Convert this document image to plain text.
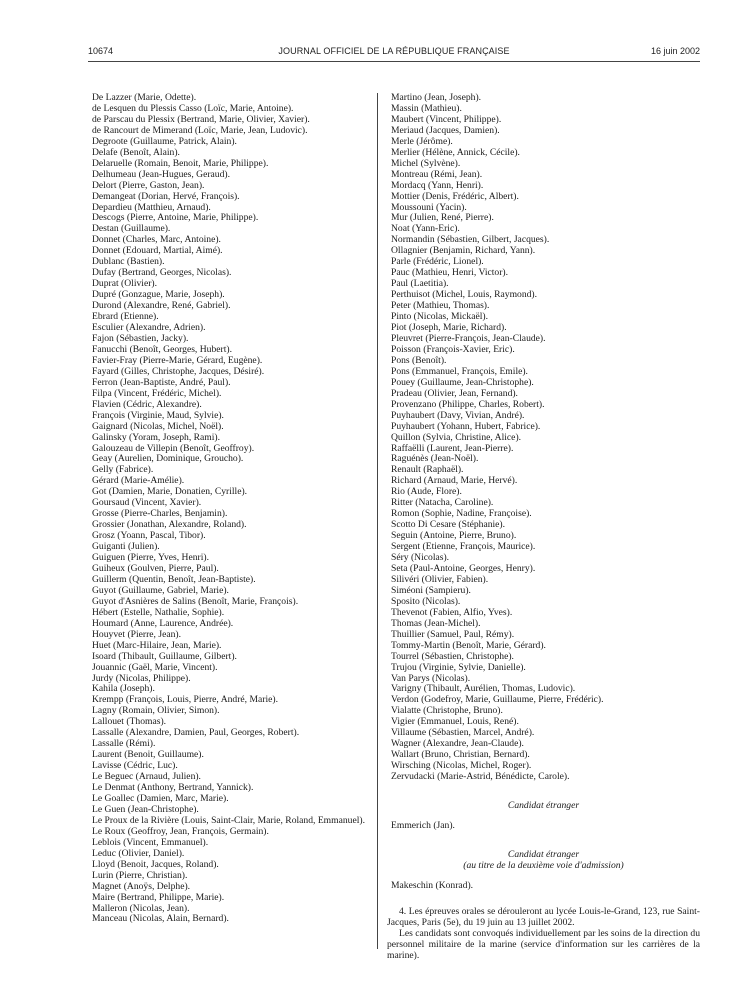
10674	JOURNAL OFFICIEL DE LA RÉPUBLIQUE FRANÇAISE	16 juin 2002
De Lazzer (Marie, Odette).
de Lesquen du Plessis Casso (Loïc, Marie, Antoine).
de Parscau du Plessix (Bertrand, Marie, Olivier, Xavier).
de Rancourt de Mimerand (Loïc, Marie, Jean, Ludovic).
Degroote (Guillaume, Patrick, Alain).
Delafe (Benoît, Alain).
Delaruelle (Romain, Benoit, Marie, Philippe).
Delhumeau (Jean-Hugues, Geraud).
Delort (Pierre, Gaston, Jean).
Demangeat (Dorian, Hervé, François).
Depardieu (Matthieu, Arnaud).
Descogs (Pierre, Antoine, Marie, Philippe).
Destan (Guillaume).
Donnet (Charles, Marc, Antoine).
Donnet (Edouard, Martial, Aimé).
Dublanc (Bastien).
Dufay (Bertrand, Georges, Nicolas).
Duprat (Olivier).
Dupré (Gonzague, Marie, Joseph).
Durond (Alexandre, René, Gabriel).
Ebrard (Etienne).
Esculier (Alexandre, Adrien).
Fajon (Sébastien, Jacky).
Fanucchi (Benoît, Georges, Hubert).
Favier-Fray (Pierre-Marie, Gérard, Eugène).
Fayard (Gilles, Christophe, Jacques, Désiré).
Ferron (Jean-Baptiste, André, Paul).
Filpa (Vincent, Frédéric, Michel).
Flavien (Cédric, Alexandre).
François (Virginie, Maud, Sylvie).
Gaignard (Nicolas, Michel, Noël).
Galinsky (Yoram, Joseph, Rami).
Galouzeau de Villepin (Benoît, Geoffroy).
Geay (Aurelien, Dominique, Groucho).
Gelly (Fabrice).
Gérard (Marie-Amélie).
Got (Damien, Marie, Donatien, Cyrille).
Goursaud (Vincent, Xavier).
Grosse (Pierre-Charles, Benjamin).
Grossier (Jonathan, Alexandre, Roland).
Grosz (Yoann, Pascal, Tibor).
Guiganti (Julien).
Guiguen (Pierre, Yves, Henri).
Guiheux (Goulven, Pierre, Paul).
Guillerm (Quentin, Benoît, Jean-Baptiste).
Guyot (Guillaume, Gabriel, Marie).
Guyot d'Asnières de Salins (Benoît, Marie, François).
Hébert (Estelle, Nathalie, Sophie).
Houmard (Anne, Laurence, Andrée).
Houyvet (Pierre, Jean).
Huet (Marc-Hilaire, Jean, Marie).
Isoard (Thibault, Guillaume, Gilbert).
Jouannic (Gaël, Marie, Vincent).
Jurdy (Nicolas, Philippe).
Kahila (Joseph).
Krempp (François, Louis, Pierre, André, Marie).
Lagny (Romain, Olivier, Simon).
Lallouet (Thomas).
Lassalle (Alexandre, Damien, Paul, Georges, Robert).
Lassalle (Rémi).
Laurent (Benoit, Guillaume).
Lavisse (Cédric, Luc).
Le Beguec (Arnaud, Julien).
Le Denmat (Anthony, Bertrand, Yannick).
Le Goallec (Damien, Marc, Marie).
Le Guen (Jean-Christophe).
Le Proux de la Rivière (Louis, Saint-Clair, Marie, Roland, Emmanuel).
Le Roux (Geoffroy, Jean, François, Germain).
Leblois (Vincent, Emmanuel).
Leduc (Olivier, Daniel).
Lloyd (Benoit, Jacques, Roland).
Lurin (Pierre, Christian).
Magnet (Anoÿs, Delphe).
Maire (Bertrand, Philippe, Marie).
Malleron (Nicolas, Jean).
Manceau (Nicolas, Alain, Bernard).
Martino (Jean, Joseph).
Massin (Mathieu).
Maubert (Vincent, Philippe).
Meriaud (Jacques, Damien).
Merle (Jérôme).
Merlier (Hélène, Annick, Cécile).
Michel (Sylvène).
Montreau (Rémi, Jean).
Mordacq (Yann, Henri).
Mottier (Denis, Frédéric, Albert).
Moussouni (Yacin).
Mur (Julien, René, Pierre).
Noat (Yann-Eric).
Normandin (Sébastien, Gilbert, Jacques).
Ollagnier (Benjamin, Richard, Yann).
Parle (Frédéric, Lionel).
Pauc (Mathieu, Henri, Victor).
Paul (Laetitia).
Perthuisot (Michel, Louis, Raymond).
Peter (Mathieu, Thomas).
Pinto (Nicolas, Mickaël).
Piot (Joseph, Marie, Richard).
Pleuvret (Pierre-François, Jean-Claude).
Poisson (François-Xavier, Eric).
Pons (Benoît).
Pons (Emmanuel, François, Emile).
Pouey (Guillaume, Jean-Christophe).
Pradeau (Olivier, Jean, Fernand).
Provenzano (Philippe, Charles, Robert).
Puyhaubert (Davy, Vivian, André).
Puyhaubert (Yohann, Hubert, Fabrice).
Quillon (Sylvia, Christine, Alice).
Raffaëlli (Laurent, Jean-Pierre).
Raguénès (Jean-Noël).
Renault (Raphaël).
Richard (Arnaud, Marie, Hervé).
Rio (Aude, Flore).
Ritter (Natacha, Caroline).
Romon (Sophie, Nadine, Françoise).
Scotto Di Cesare (Stéphanie).
Seguin (Antoine, Pierre, Bruno).
Sergent (Etienne, François, Maurice).
Séry (Nicolas).
Seta (Paul-Antoine, Georges, Henry).
Silivéri (Olivier, Fabien).
Siméoni (Sampieru).
Sposito (Nicolas).
Thevenot (Fabien, Alfio, Yves).
Thomas (Jean-Michel).
Thuillier (Samuel, Paul, Rémy).
Tommy-Martin (Benoît, Marie, Gérard).
Tourrel (Sébastien, Christophe).
Trujou (Virginie, Sylvie, Danielle).
Van Parys (Nicolas).
Varigny (Thibault, Aurélien, Thomas, Ludovic).
Verdon (Godefroy, Marie, Guillaume, Pierre, Frédéric).
Vialatte (Christophe, Bruno).
Vigier (Emmanuel, Louis, René).
Villaume (Sébastien, Marcel, André).
Wagner (Alexandre, Jean-Claude).
Wallart (Bruno, Christian, Bernard).
Wirsching (Nicolas, Michel, Roger).
Zervudacki (Marie-Astrid, Bénédicte, Carole).
Candidat étranger
Emmerich (Jan).
Candidat étranger
(au titre de la deuxième voie d'admission)
Makeschin (Konrad).
4. Les épreuves orales se dérouleront au lycée Louis-le-Grand, 123, rue Saint-Jacques, Paris (5e), du 19 juin au 13 juillet 2002.
Les candidats sont convoqués individuellement par les soins de la direction du personnel militaire de la marine (service d'information sur les carrières de la marine).
